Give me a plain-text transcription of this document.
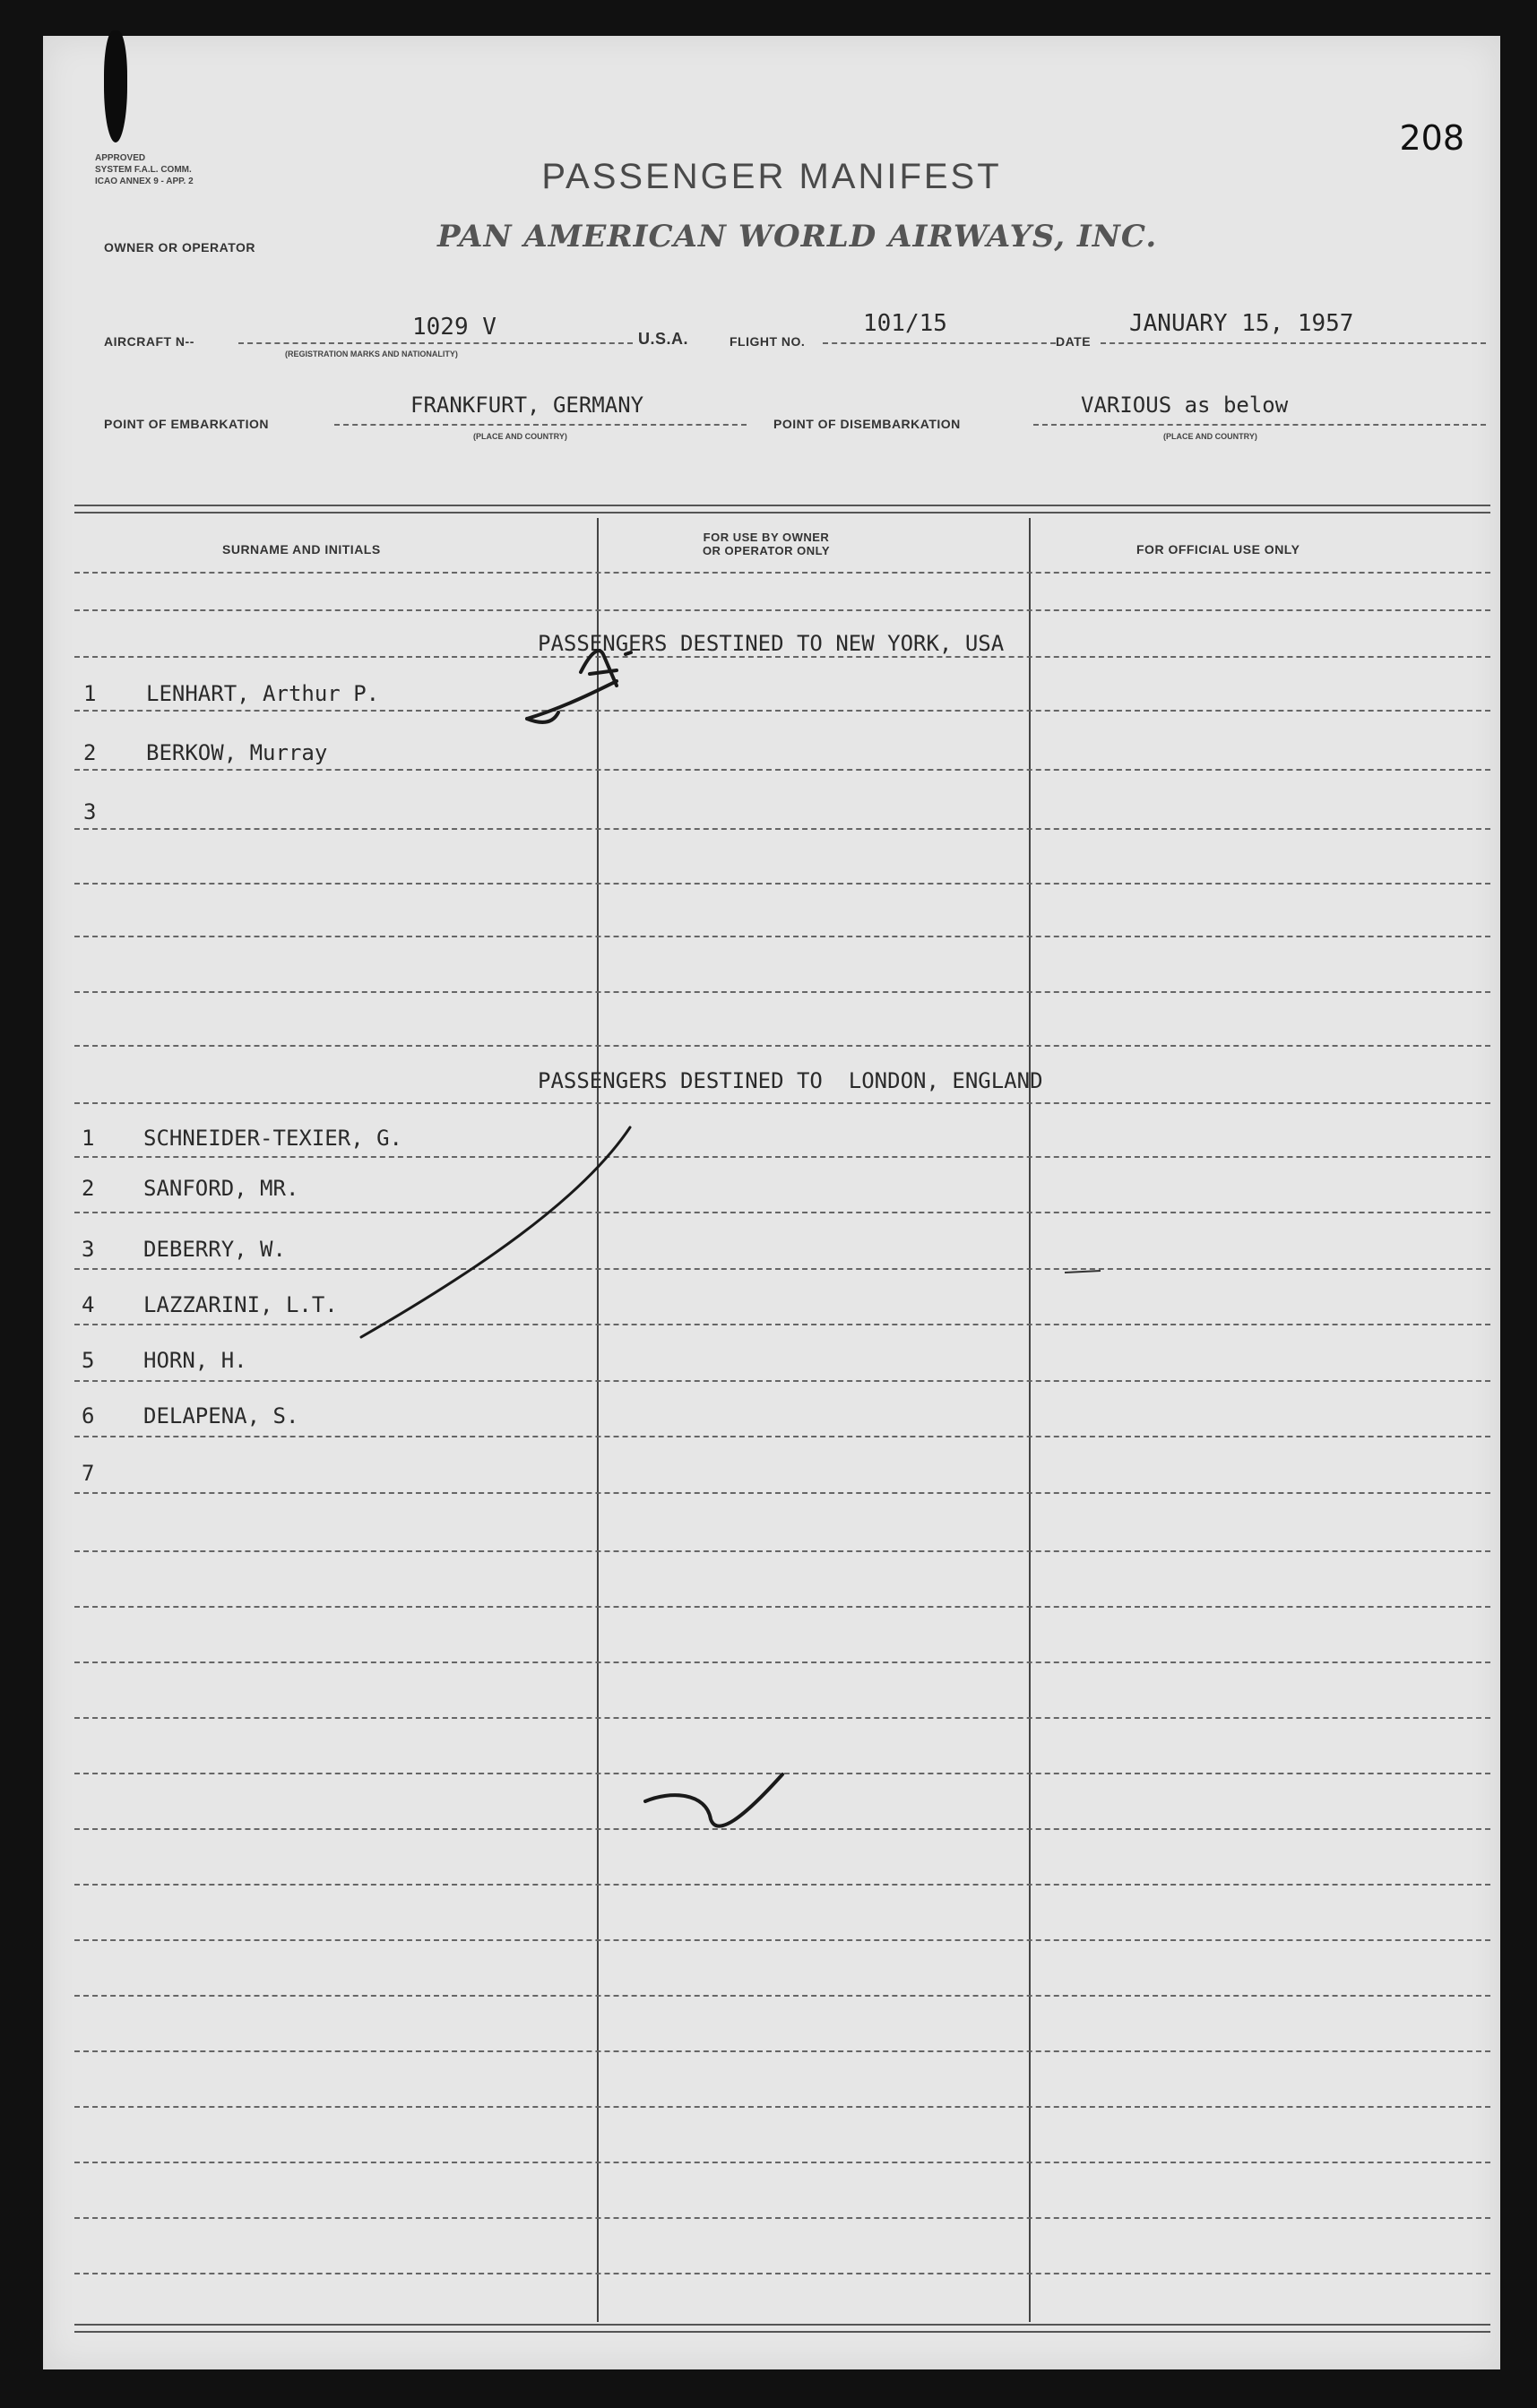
208
APPROVED
SYSTEM F.A.L. COMM.
ICAO ANNEX 9 - APP. 2	PASSENGER MANIFEST
OWNER OR OPERATOR	PAN AMERICAN WORLD AIRWAYS, INC.
AIRCRAFT N--
1029 V
(REGISTRATION MARKS AND NATIONALITY)
U.S.A.	FLIGHT NO.
101/15
DATE
JANUARY 15, 1957
POINT OF EMBARKATION
FRANKFURT, GERMANY
(PLACE AND COUNTRY)
POINT OF DISEMBARKATION
VARIOUS as below
(PLACE AND COUNTRY)
SURNAME AND INITIALS
FOR USE BY OWNER
OR OPERATOR ONLY	FOR OFFICIAL USE ONLY
PASSENGERS DESTINED TO NEW YORK, USA
1 LENHART, Arthur P.
2 BERKOW, Murray
3
PASSENGERS DESTINED TO  LONDON, ENGLAND
1 SCHNEIDER-TEXIER, G.
2 SANFORD, MR.
3 DEBERRY, W.
4 LAZZARINI, L.T.
5 HORN, H.
6 DELAPENA, S.
7
